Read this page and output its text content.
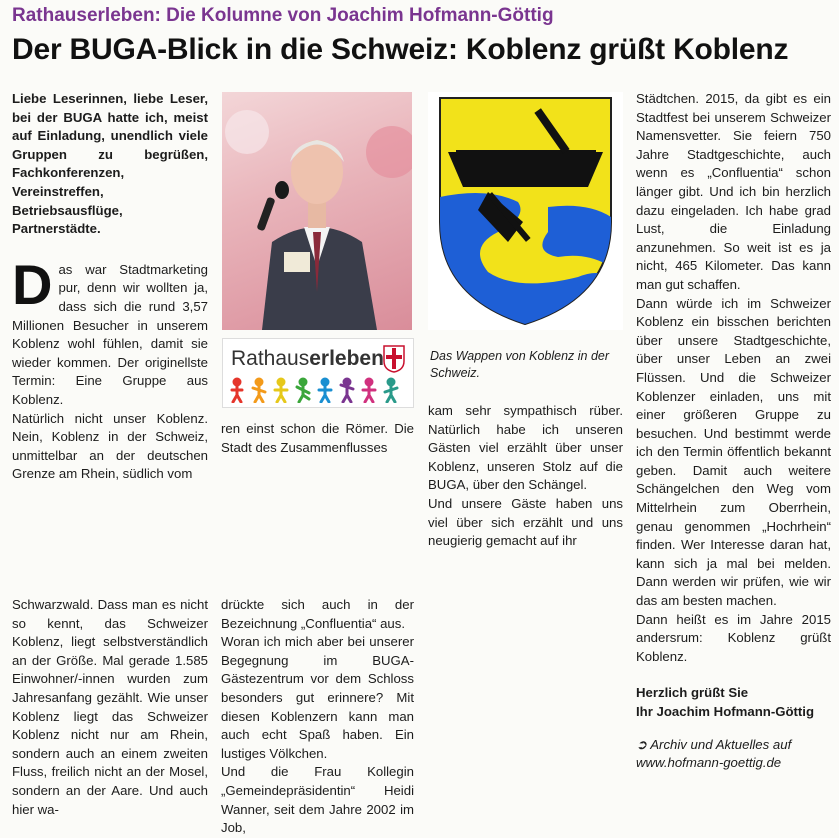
Rathauserleben: Die Kolumne von Joachim Hofmann-Göttig
Der BUGA-Blick in die Schweiz: Koblenz grüßt Koblenz

Liebe Leserinnen, liebe Leser, bei der BUGA hatte ich, meist auf Einladung, unendlich viele Gruppen zu begrüßen, Fachkonferenzen, Vereinstreffen, Betriebsausflüge, Partnerstädte.

Das war Stadtmarketing pur, denn wir wollten ja, dass sich die rund 3,57 Millionen Besucher in unserem Koblenz wohl fühlen, damit sie wieder kommen. Der originellste Termin: Eine Gruppe aus Koblenz.

Natürlich nicht unser Koblenz. Nein, Koblenz in der Schweiz, unmittelbar an der deutschen Grenze am Rhein, südlich vom

Schwarzwald. Dass man es nicht so kennt, das Schweizer Koblenz, liegt selbstverständlich an der Größe. Mal gerade 1.585 Einwohner/-innen wurden zum Jahresanfang gezählt. Wie unser Koblenz liegt das Schweizer Koblenz nicht nur am Rhein, sondern auch an einem zweiten Fluss, freilich nicht an der Mosel, sondern an der Aare. Und auch hier wa-

Rathauserleben

ren einst schon die Römer. Die Stadt des Zusammenflusses

drückte sich auch in der Bezeichnung „Confluentia“ aus.

Woran ich mich aber bei unserer Begegnung im BUGA-Gästezentrum vor dem Schloss besonders gut erinnere? Mit diesen Koblenzern kann man auch echt Spaß haben. Ein lustiges Völkchen.

Und die Frau Kollegin „Gemeindepräsidentin“ Heidi Wanner, seit dem Jahre 2002 im Job,

Das Wappen von Koblenz in der Schweiz.

kam sehr sympathisch rüber. Natürlich habe ich unseren Gästen viel erzählt über unser Koblenz, unseren Stolz auf die BUGA, über den Schängel.

Und unsere Gäste haben uns viel über sich erzählt und uns neugierig gemacht auf ihr

Städtchen. 2015, da gibt es ein Stadtfest bei unserem Schweizer Namensvetter. Sie feiern 750 Jahre Stadtgeschichte, auch wenn es „Confluentia“ schon länger gibt. Und ich bin herzlich dazu eingeladen. Ich habe grad Lust, die Einladung anzunehmen. So weit ist es ja nicht, 465 Kilometer. Das kann man gut schaffen.

Dann würde ich im Schweizer Koblenz ein bisschen berichten über unsere Stadtgeschichte, über unser Leben an zwei Flüssen. Und die Schweizer Koblenzer einladen, uns mit einer größeren Gruppe zu besuchen. Und bestimmt werde ich den Termin öffentlich bekannt geben. Damit auch weitere Schängelchen den Weg vom Mittelrhein zum Oberrhein, genau genommen „Hochrhein“ finden. Wer Interesse daran hat, kann sich ja mal bei melden. Dann werden wir prüfen, wie wir das am besten machen.

Dann heißt es im Jahre 2015 andersrum: Koblenz grüßt Koblenz.

Herzlich grüßt Sie

Ihr Joachim Hofmann-Göttig

➲ Archiv und Aktuelles auf

www.hofmann-goettig.de
